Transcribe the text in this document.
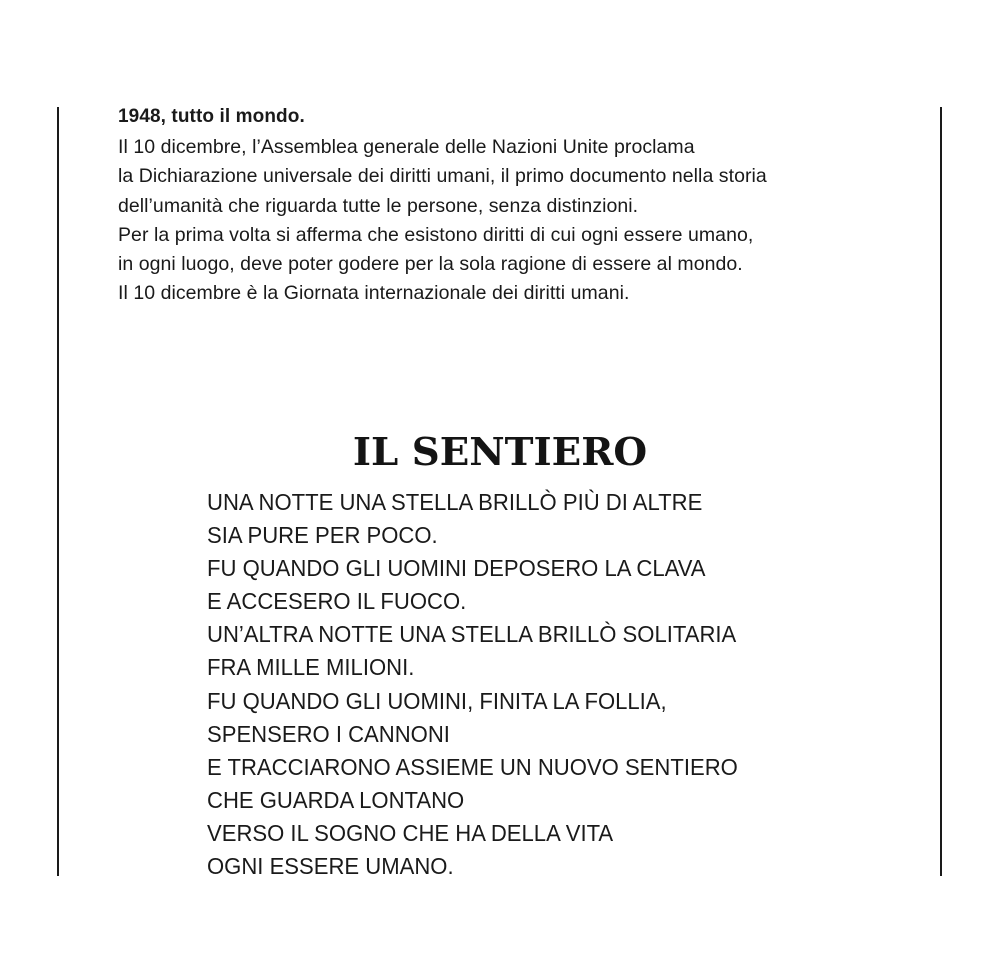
1948, tutto il mondo.
Il 10 dicembre, l’Assemblea generale delle Nazioni Unite proclama
la Dichiarazione universale dei diritti umani, il primo documento nella storia
dell’umanità che riguarda tutte le persone, senza distinzioni.
Per la prima volta si afferma che esistono diritti di cui ogni essere umano,
in ogni luogo, deve poter godere per la sola ragione di essere al mondo.
Il 10 dicembre è la Giornata internazionale dei diritti umani.
IL SENTIERO
UNA NOTTE UNA STELLA BRILLÒ PIÙ DI ALTRE
SIA PURE PER POCO.
FU QUANDO GLI UOMINI DEPOSERO LA CLAVA
E ACCESERO IL FUOCO.
UN’ALTRA NOTTE UNA STELLA BRILLÒ SOLITARIA
FRA MILLE MILIONI.
FU QUANDO GLI UOMINI, FINITA LA FOLLIA,
SPENSERO I CANNONI
E TRACCIARONO ASSIEME UN NUOVO SENTIERO
CHE GUARDA LONTANO
VERSO IL SOGNO CHE HA DELLA VITA
OGNI ESSERE UMANO.
